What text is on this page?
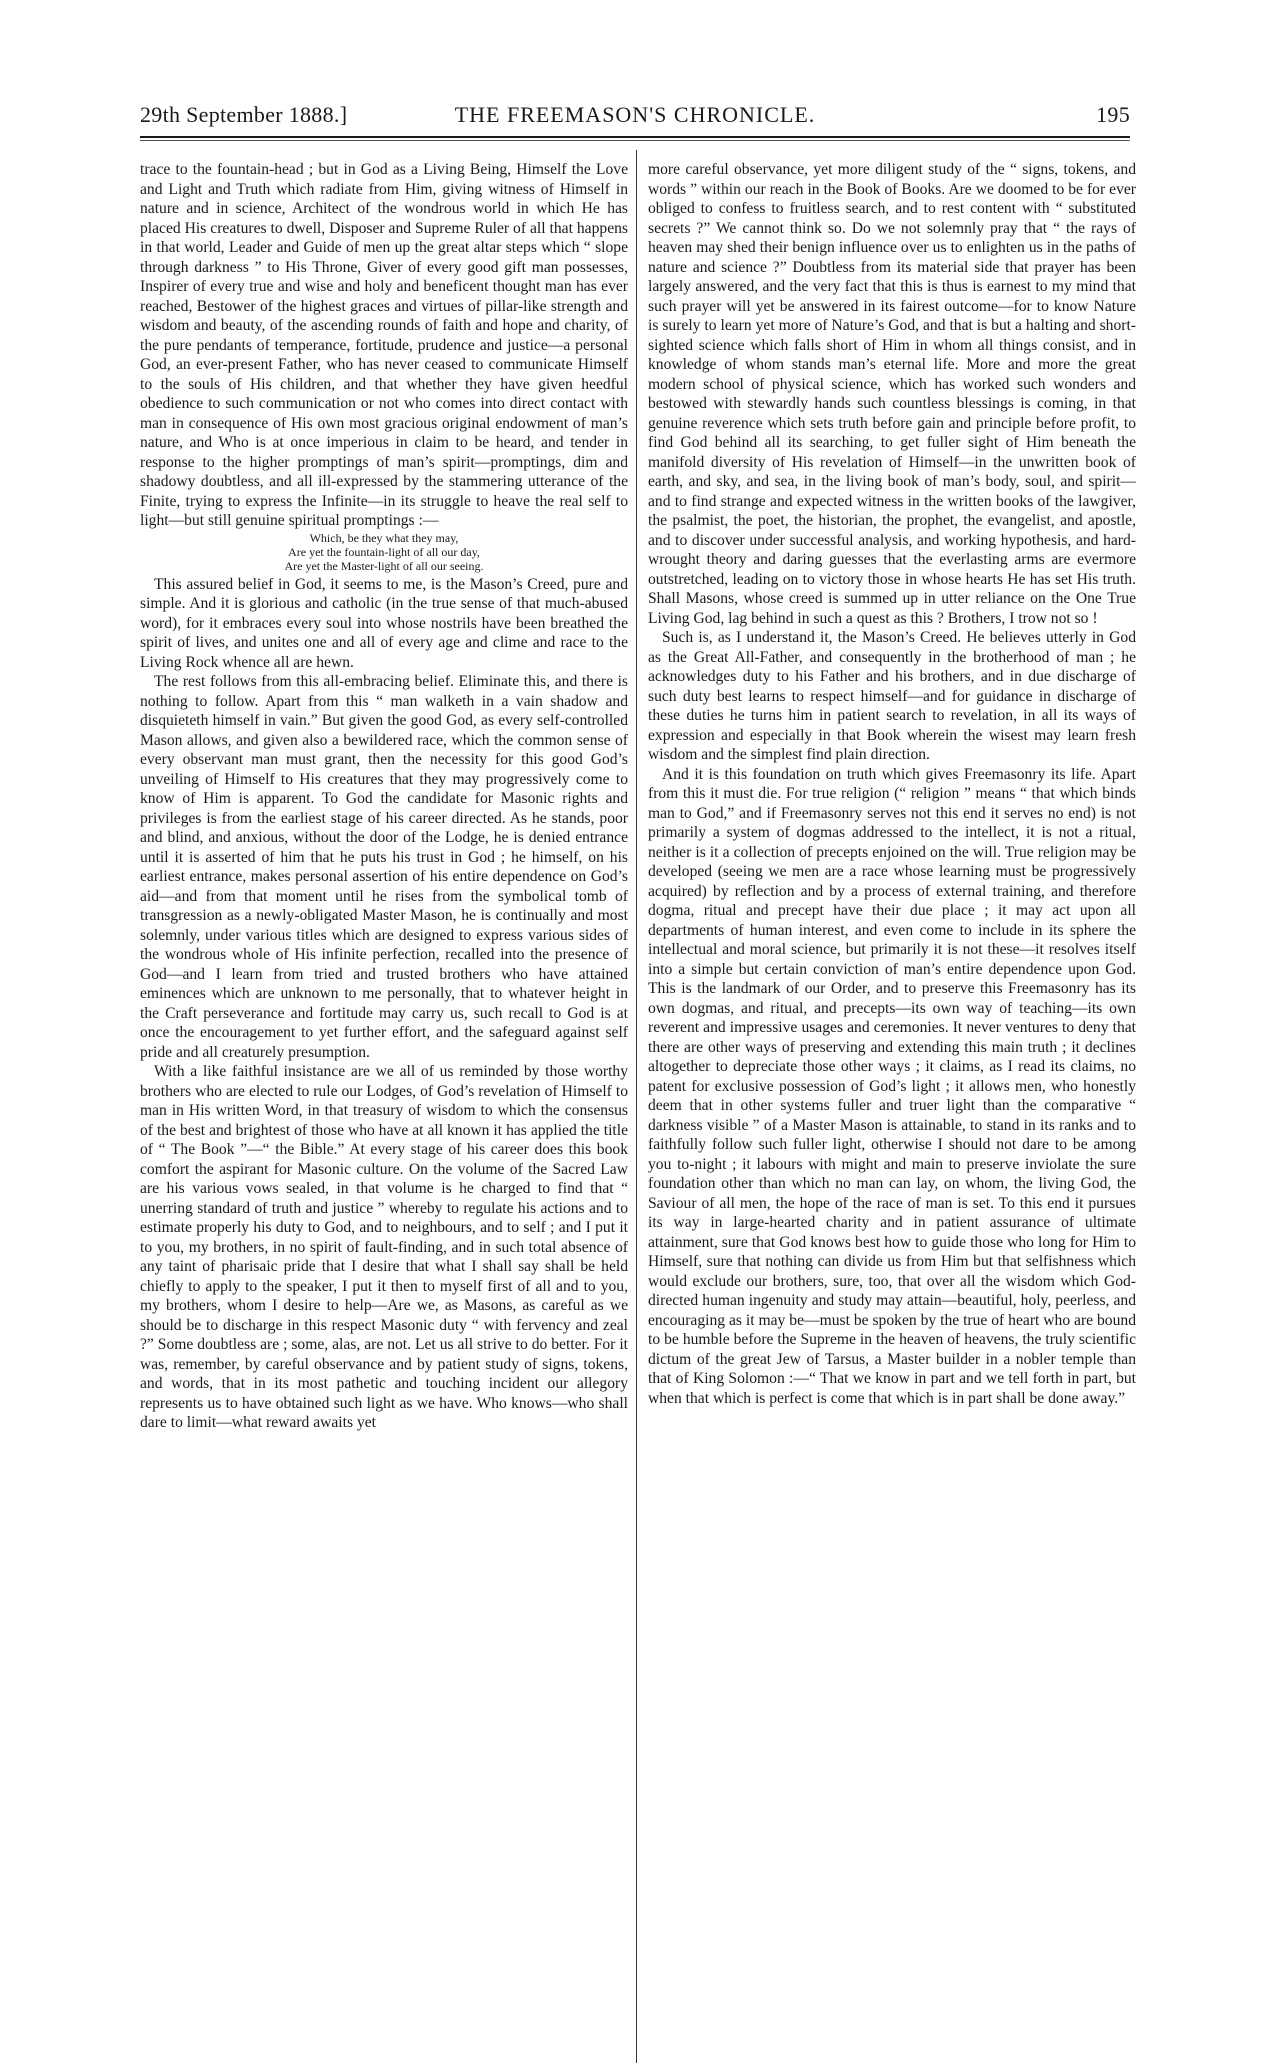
29th September 1888.]	THE FREEMASON'S CHRONICLE.	195

trace to the fountain-head ; but in God as a Living Being, Himself the Love and Light and Truth which radiate from Him, giving witness of Himself in nature and in science, Architect of the wondrous world in which He has placed His creatures to dwell, Disposer and Supreme Ruler of all that happens in that world, Leader and Guide of men up the great altar steps which “ slope through darkness ” to His Throne, Giver of every good gift man possesses, Inspirer of every true and wise and holy and beneficent thought man has ever reached, Bestower of the highest graces and virtues of pillar-like strength and wisdom and beauty, of the ascending rounds of faith and hope and charity, of the pure pendants of temperance, fortitude, prudence and justice—a personal God, an ever-present Father, who has never ceased to communicate Himself to the souls of His children, and that whether they have given heedful obedience to such communication or not who comes into direct contact with man in consequence of His own most gracious original endowment of man’s nature, and Who is at once imperious in claim to be heard, and tender in response to the higher promptings of man’s spirit—promptings, dim and shadowy doubtless, and all ill-expressed by the stammering utterance of the Finite, trying to express the Infinite—in its struggle to heave the real self to light—but still genuine spiritual promptings :—

Which, be they what they may,
Are yet the fountain-light of all our day,
Are yet the Master-light of all our seeing.

This assured belief in God, it seems to me, is the Mason’s Creed, pure and simple. And it is glorious and catholic (in the true sense of that much-abused word), for it embraces every soul into whose nostrils have been breathed the spirit of lives, and unites one and all of every age and clime and race to the Living Rock whence all are hewn.

The rest follows from this all-embracing belief. Eliminate this, and there is nothing to follow. Apart from this “ man walketh in a vain shadow and disquieteth himself in vain.” But given the good God, as every self-controlled Mason allows, and given also a bewildered race, which the common sense of every observant man must grant, then the necessity for this good God’s unveiling of Himself to His creatures that they may progressively come to know of Him is apparent. To God the candidate for Masonic rights and privileges is from the earliest stage of his career directed. As he stands, poor and blind, and anxious, without the door of the Lodge, he is denied entrance until it is asserted of him that he puts his trust in God ; he himself, on his earliest entrance, makes personal assertion of his entire dependence on God’s aid—and from that moment until he rises from the symbolical tomb of transgression as a newly-obligated Master Mason, he is continually and most solemnly, under various titles which are designed to express various sides of the wondrous whole of His infinite perfection, recalled into the presence of God—and I learn from tried and trusted brothers who have attained eminences which are unknown to me personally, that to whatever height in the Craft perseverance and fortitude may carry us, such recall to God is at once the encouragement to yet further effort, and the safeguard against self pride and all creaturely presumption.

With a like faithful insistance are we all of us reminded by those worthy brothers who are elected to rule our Lodges, of God’s revelation of Himself to man in His written Word, in that treasury of wisdom to which the consensus of the best and brightest of those who have at all known it has applied the title of “ The Book ”—“ the Bible.” At every stage of his career does this book comfort the aspirant for Masonic culture. On the volume of the Sacred Law are his various vows sealed, in that volume is he charged to find that “ unerring standard of truth and justice ” whereby to regulate his actions and to estimate properly his duty to God, and to neighbours, and to self ; and I put it to you, my brothers, in no spirit of fault-finding, and in such total absence of any taint of pharisaic pride that I desire that what I shall say shall be held chiefly to apply to the speaker, I put it then to myself first of all and to you, my brothers, whom I desire to help—Are we, as Masons, as careful as we should be to discharge in this respect Masonic duty “ with fervency and zeal ?” Some doubtless are ; some, alas, are not. Let us all strive to do better. For it was, remember, by careful observance and by patient study of signs, tokens, and words, that in its most pathetic and touching incident our allegory represents us to have obtained such light as we have. Who knows—who shall dare to limit—what reward awaits yet

more careful observance, yet more diligent study of the “ signs, tokens, and words ” within our reach in the Book of Books. Are we doomed to be for ever obliged to confess to fruitless search, and to rest content with “ substituted secrets ?” We cannot think so. Do we not solemnly pray that “ the rays of heaven may shed their benign influence over us to enlighten us in the paths of nature and science ?” Doubtless from its material side that prayer has been largely answered, and the very fact that this is thus is earnest to my mind that such prayer will yet be answered in its fairest outcome—for to know Nature is surely to learn yet more of Nature’s God, and that is but a halting and short-sighted science which falls short of Him in whom all things consist, and in knowledge of whom stands man’s eternal life. More and more the great modern school of physical science, which has worked such wonders and bestowed with stewardly hands such countless blessings is coming, in that genuine reverence which sets truth before gain and principle before profit, to find God behind all its searching, to get fuller sight of Him beneath the manifold diversity of His revelation of Himself—in the unwritten book of earth, and sky, and sea, in the living book of man’s body, soul, and spirit—and to find strange and expected witness in the written books of the lawgiver, the psalmist, the poet, the historian, the prophet, the evangelist, and apostle, and to discover under successful analysis, and working hypothesis, and hard-wrought theory and daring guesses that the everlasting arms are evermore outstretched, leading on to victory those in whose hearts He has set His truth. Shall Masons, whose creed is summed up in utter reliance on the One True Living God, lag behind in such a quest as this ? Brothers, I trow not so !

Such is, as I understand it, the Mason’s Creed. He believes utterly in God as the Great All-Father, and consequently in the brotherhood of man ; he acknowledges duty to his Father and his brothers, and in due discharge of such duty best learns to respect himself—and for guidance in discharge of these duties he turns him in patient search to revelation, in all its ways of expression and especially in that Book wherein the wisest may learn fresh wisdom and the simplest find plain direction.

And it is this foundation on truth which gives Freemasonry its life. Apart from this it must die. For true religion (“ religion ” means “ that which binds man to God,” and if Freemasonry serves not this end it serves no end) is not primarily a system of dogmas addressed to the intellect, it is not a ritual, neither is it a collection of precepts enjoined on the will. True religion may be developed (seeing we men are a race whose learning must be progressively acquired) by reflection and by a process of external training, and therefore dogma, ritual and precept have their due place ; it may act upon all departments of human interest, and even come to include in its sphere the intellectual and moral science, but primarily it is not these—it resolves itself into a simple but certain conviction of man’s entire dependence upon God. This is the landmark of our Order, and to preserve this Freemasonry has its own dogmas, and ritual, and precepts—its own way of teaching—its own reverent and impressive usages and ceremonies. It never ventures to deny that there are other ways of preserving and extending this main truth ; it declines altogether to depreciate those other ways ; it claims, as I read its claims, no patent for exclusive possession of God’s light ; it allows men, who honestly deem that in other systems fuller and truer light than the comparative “ darkness visible ” of a Master Mason is attainable, to stand in its ranks and to faithfully follow such fuller light, otherwise I should not dare to be among you to-night ; it labours with might and main to preserve inviolate the sure foundation other than which no man can lay, on whom, the living God, the Saviour of all men, the hope of the race of man is set. To this end it pursues its way in large-hearted charity and in patient assurance of ultimate attainment, sure that God knows best how to guide those who long for Him to Himself, sure that nothing can divide us from Him but that selfishness which would exclude our brothers, sure, too, that over all the wisdom which God-directed human ingenuity and study may attain—beautiful, holy, peerless, and encouraging as it may be—must be spoken by the true of heart who are bound to be humble before the Supreme in the heaven of heavens, the truly scientific dictum of the great Jew of Tarsus, a Master builder in a nobler temple than that of King Solomon :—“ That we know in part and we tell forth in part, but when that which is perfect is come that which is in part shall be done away.”
